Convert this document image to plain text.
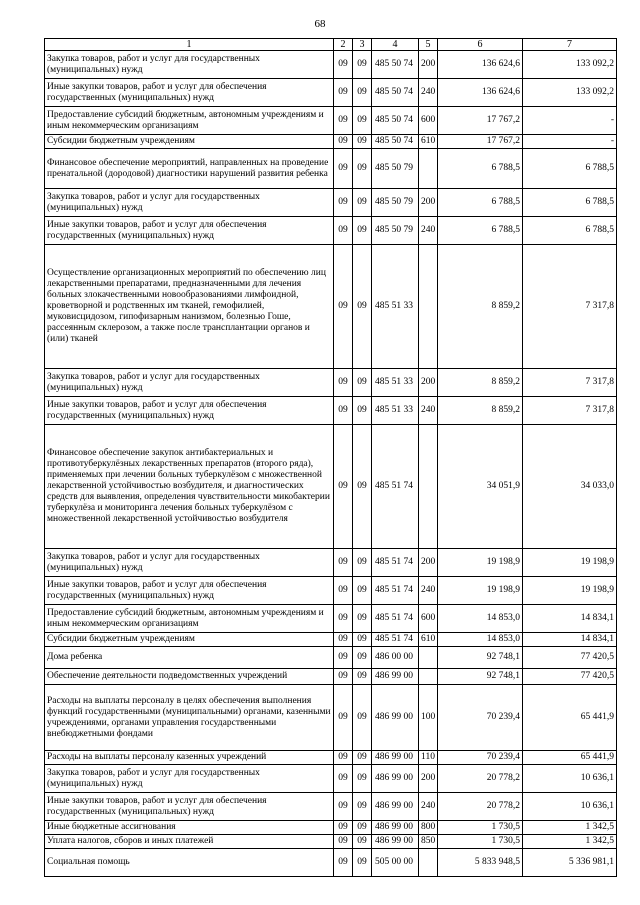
68
1	2	3	4	5	6	7
Закупка товаров, работ и услуг для государственных (муниципальных) нужд	09	09	485 50 74	200	136 624,6	133 092,2
Иные закупки товаров, работ и услуг для обеспечения государственных (муниципальных) нужд	09	09	485 50 74	240	136 624,6	133 092,2
Предоставление субсидий бюджетным, автономным учреждениям и иным некоммерческим организациям	09	09	485 50 74	600	17 767,2	-
Субсидии бюджетным учреждениям	09	09	485 50 74	610	17 767,2	-
Финансовое обеспечение мероприятий, направленных на проведение пренатальной (дородовой) диагностики нарушений развития ребенка	09	09	485 50 79		6 788,5	6 788,5
Закупка товаров, работ и услуг для государственных (муниципальных) нужд	09	09	485 50 79	200	6 788,5	6 788,5
Иные закупки товаров, работ и услуг для обеспечения государственных (муниципальных) нужд	09	09	485 50 79	240	6 788,5	6 788,5
Осуществление организационных мероприятий по обеспечению лиц лекарственными препаратами, предназначенными для лечения больных злокачественными новообразованиями лимфоидной, кроветворной и родственных им тканей, гемофилией, муковисцидозом, гипофизарным нанизмом, болезнью Гоше, рассеянным склерозом, а также после трансплантации органов и (или) тканей	09	09	485 51 33		8 859,2	7 317,8
Закупка товаров, работ и услуг для государственных (муниципальных) нужд	09	09	485 51 33	200	8 859,2	7 317,8
Иные закупки товаров, работ и услуг для обеспечения государственных (муниципальных) нужд	09	09	485 51 33	240	8 859,2	7 317,8
Финансовое обеспечение закупок антибактериальных и противотуберкулёзных лекарственных препаратов (второго ряда), применяемых при лечении больных туберкулёзом с множественной лекарственной устойчивостью возбудителя, и диагностических средств для выявления, определения чувствительности микобактерии туберкулёза и мониторинга лечения больных туберкулёзом с множественной лекарственной устойчивостью возбудителя	09	09	485 51 74		34 051,9	34 033,0
Закупка товаров, работ и услуг для государственных (муниципальных) нужд	09	09	485 51 74	200	19 198,9	19 198,9
Иные закупки товаров, работ и услуг для обеспечения государственных (муниципальных) нужд	09	09	485 51 74	240	19 198,9	19 198,9
Предоставление субсидий бюджетным, автономным учреждениям и иным некоммерческим организациям	09	09	485 51 74	600	14 853,0	14 834,1
Субсидии бюджетным учреждениям	09	09	485 51 74	610	14 853,0	14 834,1
Дома ребенка	09	09	486 00 00		92 748,1	77 420,5
Обеспечение деятельности подведомственных учреждений	09	09	486 99 00		92 748,1	77 420,5
Расходы на выплаты персоналу в целях обеспечения выполнения функций государственными (муниципальными) органами, казенными учреждениями, органами управления государственными внебюджетными фондами	09	09	486 99 00	100	70 239,4	65 441,9
Расходы на выплаты персоналу казенных учреждений	09	09	486 99 00	110	70 239,4	65 441,9
Закупка товаров, работ и услуг для государственных (муниципальных) нужд	09	09	486 99 00	200	20 778,2	10 636,1
Иные закупки товаров, работ и услуг для обеспечения государственных (муниципальных) нужд	09	09	486 99 00	240	20 778,2	10 636,1
Иные бюджетные ассигнования	09	09	486 99 00	800	1 730,5	1 342,5
Уплата налогов, сборов и иных платежей	09	09	486 99 00	850	1 730,5	1 342,5
Социальная помощь	09	09	505 00 00		5 833 948,5	5 336 981,1
